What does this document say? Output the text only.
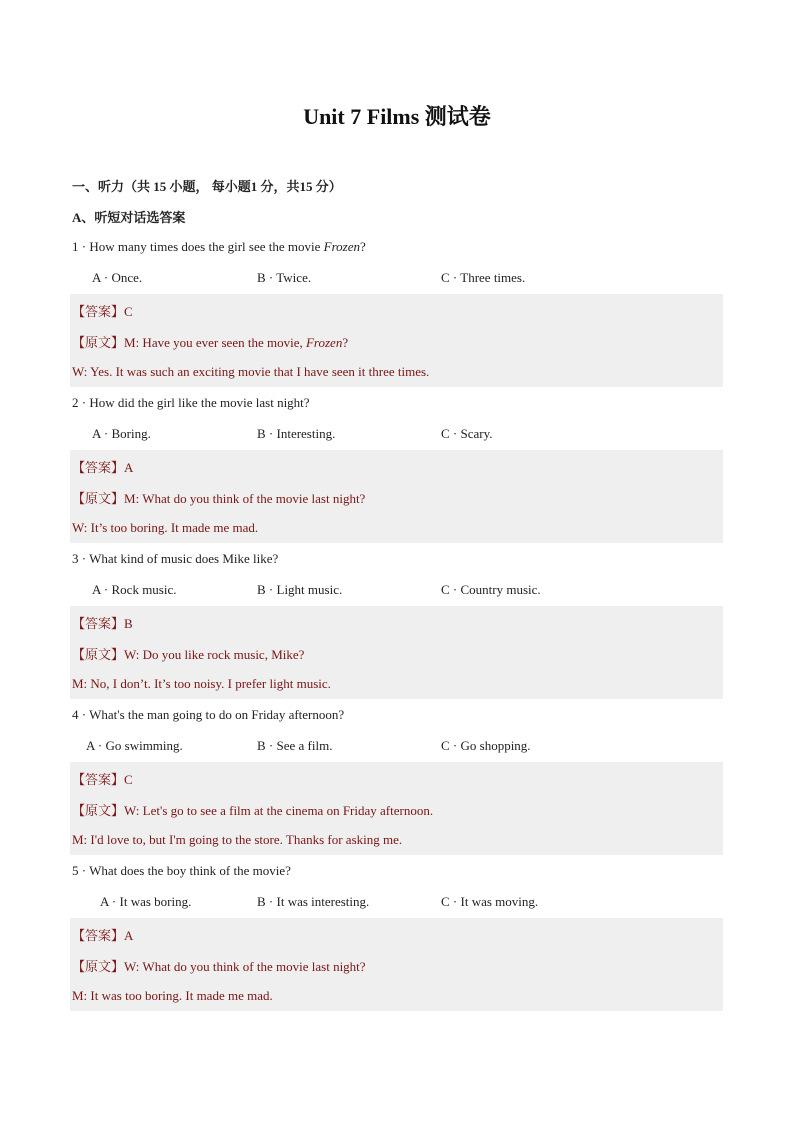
Unit 7 Films 测试卷
一、听力（共 15 小题， 每小题1 分，共15 分）
A、听短对话选答案
1 · How many times does the girl see the movie Frozen?
A · Once.	B · Twice.	C · Three times.
【答案】C
【原文】M: Have you ever seen the movie, Frozen?
W: Yes. It was such an exciting movie that I have seen it three times.
2 · How did the girl like the movie last night?
A · Boring.	B · Interesting.	C · Scary.
【答案】A
【原文】M: What do you think of the movie last night?
W: It’s too boring. It made me mad.
3 · What kind of music does Mike like?
A · Rock music.	B · Light music.	C · Country music.
【答案】B
【原文】W: Do you like rock music, Mike?
M: No, I don’t. It’s too noisy. I prefer light music.
4 · What's the man going to do on Friday afternoon?
A · Go swimming.	B · See a film.	C · Go shopping.
【答案】C
【原文】W: Let's go to see a film at the cinema on Friday afternoon.
M: I'd love to, but I'm going to the store. Thanks for asking me.
5 · What does the boy think of the movie?
A · It was boring.	B · It was interesting.	C · It was moving.
【答案】A
【原文】W: What do you think of the movie last night?
M: It was too boring. It made me mad.
